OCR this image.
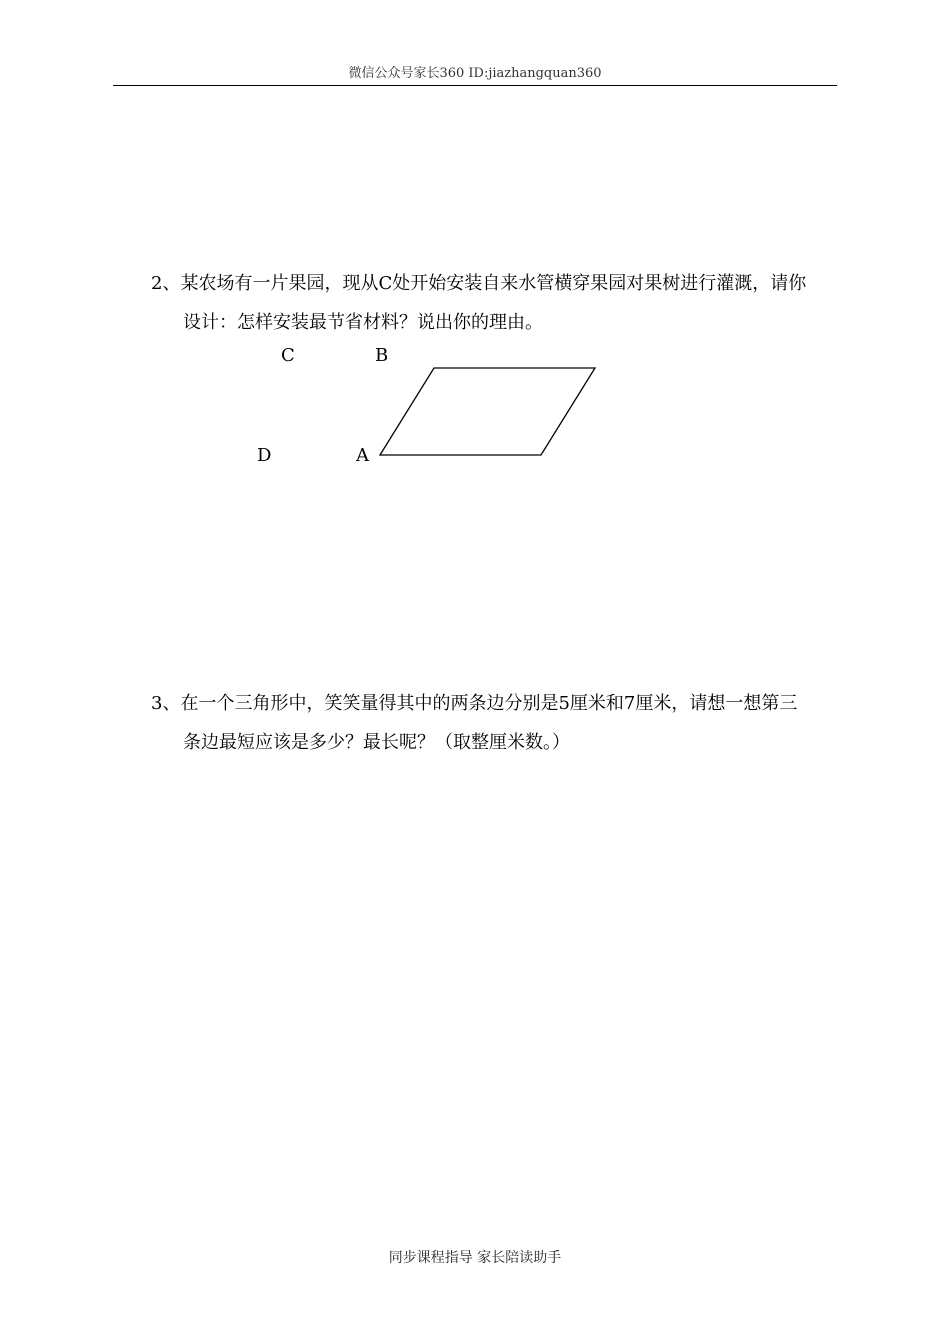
微信公众号家长360 ID:jiazhangquan360
2、某农场有一片果园，现从C处开始安装自来水管横穿果园对果树进行灌溉，请你
设计：怎样安装最节省材料？说出你的理由。
C	B
D	A
3、在一个三角形中，笑笑量得其中的两条边分别是5厘米和7厘米，请想一想第三
条边最短应该是多少？最长呢？（取整厘米数。）
同步课程指导 家长陪读助手
